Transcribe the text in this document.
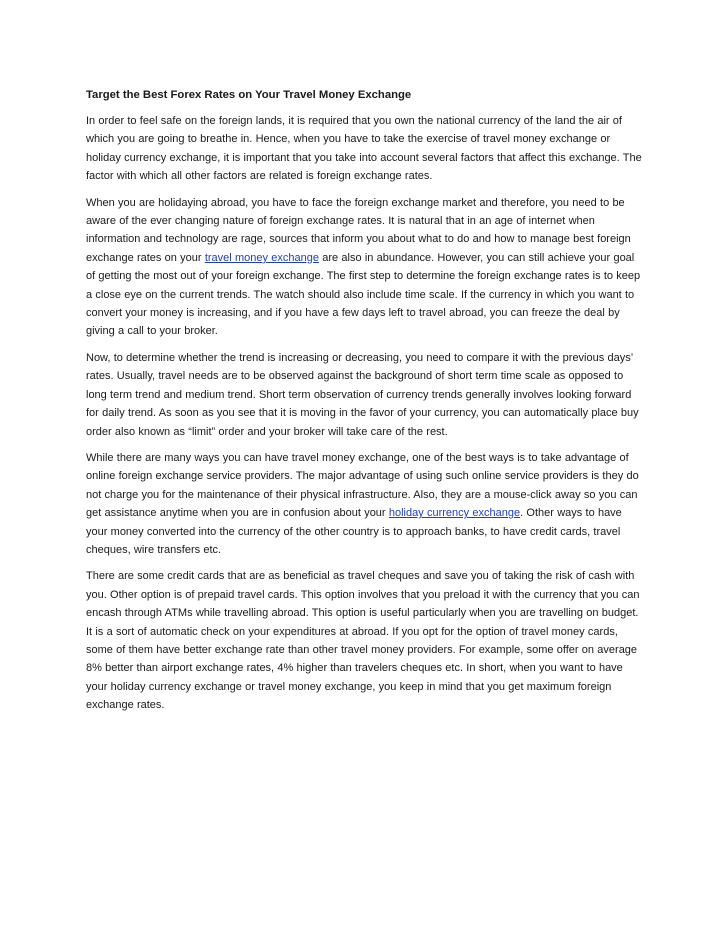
Target the Best Forex Rates on Your Travel Money Exchange

In order to feel safe on the foreign lands, it is required that you own the national currency of the land the air of which you are going to breathe in. Hence, when you have to take the exercise of travel money exchange or holiday currency exchange, it is important that you take into account several factors that affect this exchange. The factor with which all other factors are related is foreign exchange rates.

When you are holidaying abroad, you have to face the foreign exchange market and therefore, you need to be aware of the ever changing nature of foreign exchange rates. It is natural that in an age of internet when information and technology are rage, sources that inform you about what to do and how to manage best foreign exchange rates on your travel money exchange are also in abundance. However, you can still achieve your goal of getting the most out of your foreign exchange. The first step to determine the foreign exchange rates is to keep a close eye on the current trends. The watch should also include time scale. If the currency in which you want to convert your money is increasing, and if you have a few days left to travel abroad, you can freeze the deal by giving a call to your broker.

Now, to determine whether the trend is increasing or decreasing, you need to compare it with the previous days’ rates. Usually, travel needs are to be observed against the background of short term time scale as opposed to long term trend and medium trend. Short term observation of currency trends generally involves looking forward for daily trend. As soon as you see that it is moving in the favor of your currency, you can automatically place buy order also known as “limit” order and your broker will take care of the rest.

While there are many ways you can have travel money exchange, one of the best ways is to take advantage of online foreign exchange service providers. The major advantage of using such online service providers is they do not charge you for the maintenance of their physical infrastructure. Also, they are a mouse-click away so you can get assistance anytime when you are in confusion about your holiday currency exchange. Other ways to have your money converted into the currency of the other country is to approach banks, to have credit cards, travel cheques, wire transfers etc.

There are some credit cards that are as beneficial as travel cheques and save you of taking the risk of cash with you. Other option is of prepaid travel cards. This option involves that you preload it with the currency that you can encash through ATMs while travelling abroad. This option is useful particularly when you are travelling on budget. It is a sort of automatic check on your expenditures at abroad. If you opt for the option of travel money cards, some of them have better exchange rate than other travel money providers. For example, some offer on average 8% better than airport exchange rates, 4% higher than travelers cheques etc. In short, when you want to have your holiday currency exchange or travel money exchange, you keep in mind that you get maximum foreign exchange rates.
